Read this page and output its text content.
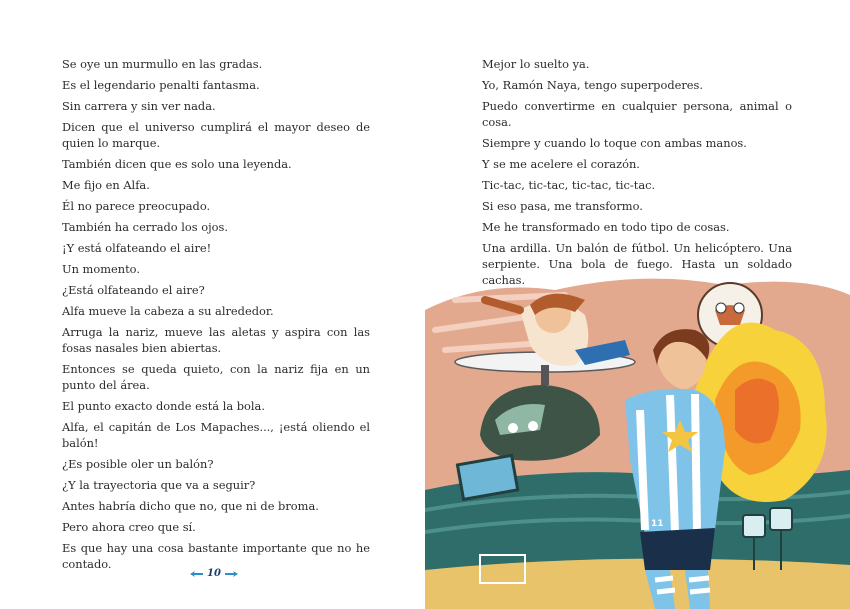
Se oye un murmullo en las gradas.

Es el legendario penalti fantasma.

Sin carrera y sin ver nada.

Dicen que el universo cumplirá el mayor deseo de quien lo marque.

También dicen que es solo una leyenda.

Me fijo en Alfa.

Él no parece preocupado.

También ha cerrado los ojos.

¡Y está olfateando el aire!

Un momento.

¿Está olfateando el aire?

Alfa mueve la cabeza a su alrededor.

Arruga la nariz, mueve las aletas y aspira con las fosas nasales bien abiertas.

Entonces se queda quieto, con la nariz fija en un punto del área.

El punto exacto donde está la bola.

Alfa, el capitán de Los Mapaches..., ¡está oliendo el balón!

¿Es posible oler un balón?

¿Y la trayectoria que va a seguir?

Antes habría dicho que no, que ni de broma.

Pero ahora creo que sí.

Es que hay una cosa bastante importante que no he contado.

10

Mejor lo suelto ya.

Yo, Ramón Naya, tengo superpoderes.

Puedo convertirme en cualquier persona, animal o cosa.

Siempre y cuando lo toque con ambas manos.

Y se me acelere el corazón.

Tic-tac, tic-tac, tic-tac, tic-tac.

Si eso pasa, me transformo.

Me he transformado en todo tipo de cosas.

Una ardilla. Un balón de fútbol. Un helicóptero. Una serpiente. Una bola de fuego. Hasta un soldado cachas.

11
